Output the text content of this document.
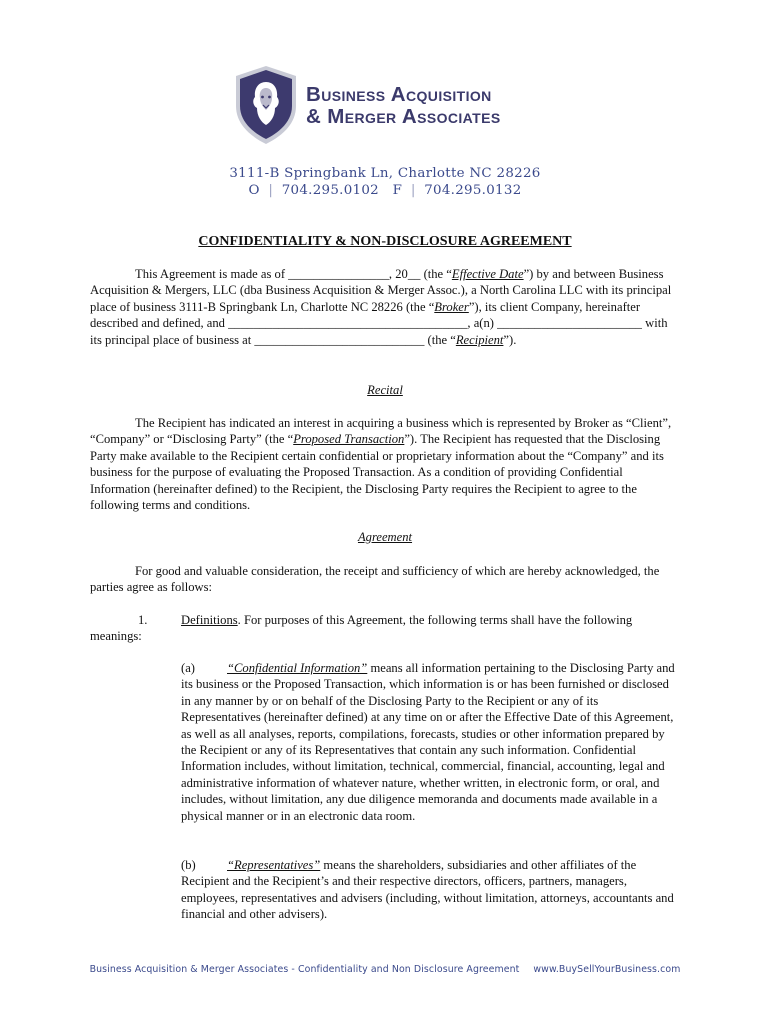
Business Acquisition
& Merger Associates
3111-B Springbank Ln, Charlotte NC 28226
O | 704.295.0102 F | 704.295.0132
CONFIDENTIALITY & NON-DISCLOSURE AGREEMENT

This Agreement is made as of ________________, 20__ (the “Effective Date”) by and between Business Acquisition & Mergers, LLC (dba Business Acquisition & Merger Assoc.), a North Carolina LLC with its principal place of business 3111-B Springbank Ln, Charlotte NC 28226 (the “Broker”), its client Company, hereinafter described and defined, and ______________________________________, a(n) _______________________ with its principal place of business at ___________________________ (the “Recipient”).

Recital

The Recipient has indicated an interest in acquiring a business which is represented by Broker as “Client”, “Company” or “Disclosing Party” (the “Proposed Transaction”). The Recipient has requested that the Disclosing Party make available to the Recipient certain confidential or proprietary information about the “Company” and its business for the purpose of evaluating the Proposed Transaction. As a condition of providing Confidential Information (hereinafter defined) to the Recipient, the Disclosing Party requires the Recipient to agree to the following terms and conditions.

Agreement

For good and valuable consideration, the receipt and sufficiency of which are hereby acknowledged, the parties agree as follows:

1.	Definitions. For purposes of this Agreement, the following terms shall have the following meanings:

(a)	“Confidential Information” means all information pertaining to the Disclosing Party and its business or the Proposed Transaction, which information is or has been furnished or disclosed in any manner by or on behalf of the Disclosing Party to the Recipient or any of its Representatives (hereinafter defined) at any time on or after the Effective Date of this Agreement, as well as all analyses, reports, compilations, forecasts, studies or other information prepared by the Recipient or any of its Representatives that contain any such information. Confidential Information includes, without limitation, technical, commercial, financial, accounting, legal and administrative information of whatever nature, whether written, in electronic form, or oral, and includes, without limitation, any due diligence memoranda and documents made available in a physical manner or in an electronic data room.

(b) “Representatives” means the shareholders, subsidiaries and other affiliates of the Recipient and the Recipient’s and their respective directors, officers, partners, managers, employees, representatives and advisers (including, without limitation, attorneys, accountants and financial and other advisers).

Business Acquisition & Merger Associates - Confidentiality and Non Disclosure Agreement www.BuySellYourBusiness.com
